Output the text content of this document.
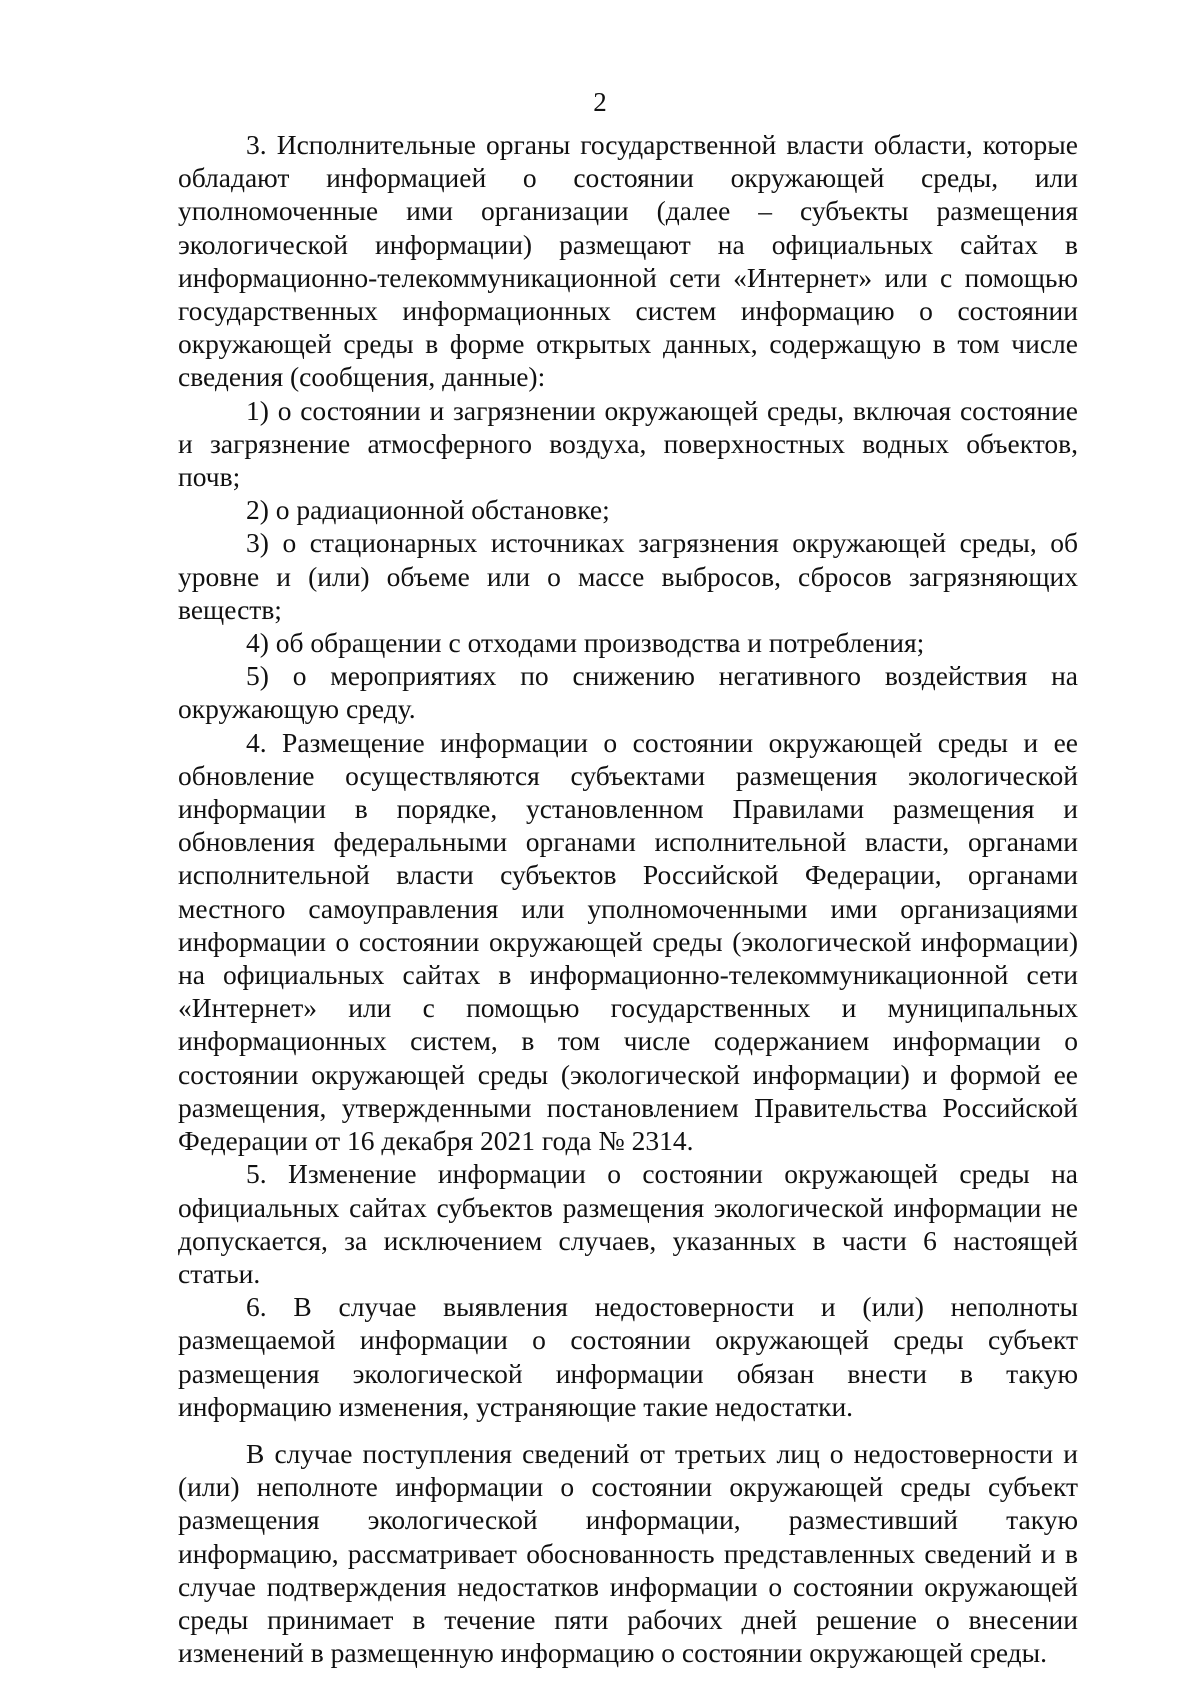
2

3. Исполнительные органы государственной власти области, которые обладают информацией о состоянии окружающей среды, или уполномоченные ими организации (далее – субъекты размещения экологической информации) размещают на официальных сайтах в информационно-телекоммуникационной сети «Интернет» или с помощью государственных информационных систем информацию о состоянии окружающей среды в форме открытых данных, содержащую в том числе сведения (сообщения, данные):

1) о состоянии и загрязнении окружающей среды, включая состояние и загрязнение атмосферного воздуха, поверхностных водных объектов, почв;

2) о радиационной обстановке;

3) о стационарных источниках загрязнения окружающей среды, об уровне и (или) объеме или о массе выбросов, сбросов загрязняющих веществ;

4) об обращении с отходами производства и потребления;

5) о мероприятиях по снижению негативного воздействия на окружающую среду.

4. Размещение информации о состоянии окружающей среды и ее обновление осуществляются субъектами размещения экологической информации в порядке, установленном Правилами размещения и обновления федеральными органами исполнительной власти, органами исполнительной власти субъектов Российской Федерации, органами местного самоуправления или уполномоченными ими организациями информации о состоянии окружающей среды (экологической информации) на официальных сайтах в информационно-телекоммуникационной сети «Интернет» или с помощью государственных и муниципальных информационных систем, в том числе содержанием информации о состоянии окружающей среды (экологической информации) и формой ее размещения, утвержденными постановлением Правительства Российской Федерации от 16 декабря 2021 года № 2314.

5. Изменение информации о состоянии окружающей среды на официальных сайтах субъектов размещения экологической информации не допускается, за исключением случаев, указанных в части 6 настоящей статьи.

6. В случае выявления недостоверности и (или) неполноты размещаемой информации о состоянии окружающей среды субъект размещения экологической информации обязан внести в такую информацию изменения, устраняющие такие недостатки.

В случае поступления сведений от третьих лиц о недостоверности и (или) неполноте информации о состоянии окружающей среды субъект размещения экологической информации, разместивший такую информацию, рассматривает обоснованность представленных сведений и в случае подтверждения недостатков информации о состоянии окружающей среды принимает в течение пяти рабочих дней решение о внесении изменений в размещенную информацию о состоянии окружающей среды.
